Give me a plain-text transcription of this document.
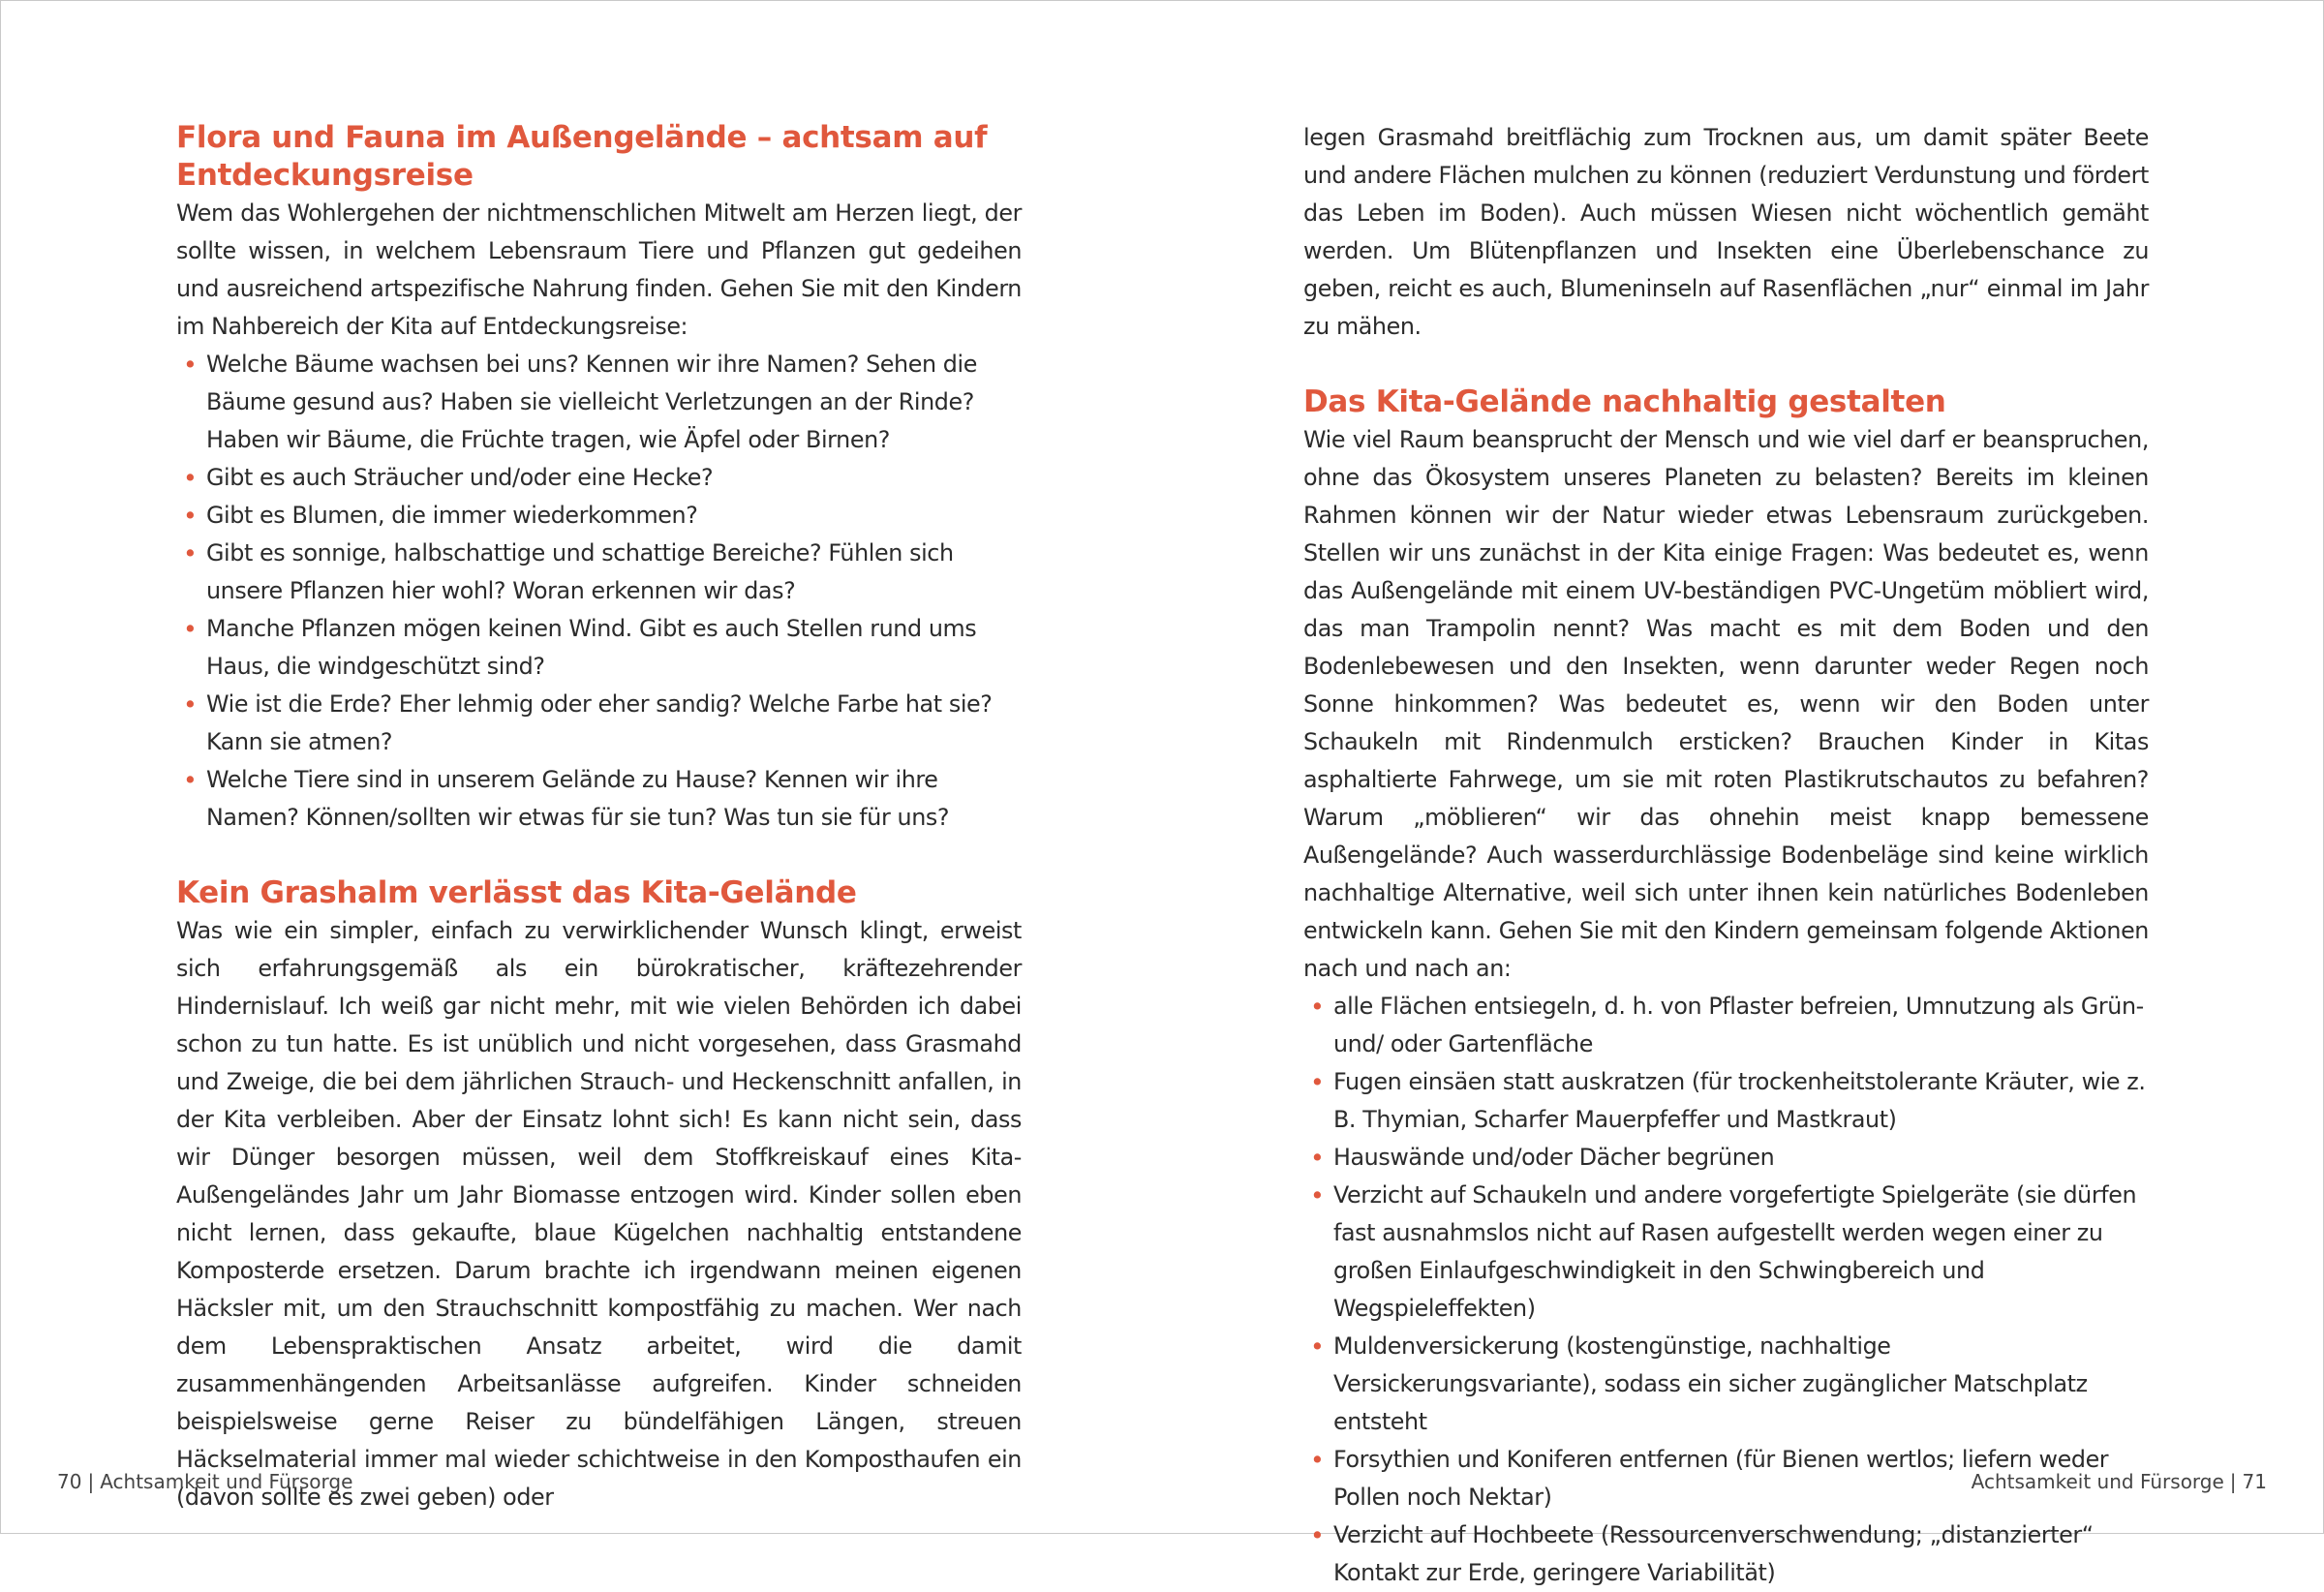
Flora und Fauna im Außengelände – achtsam auf Entdeckungsreise

Wem das Wohlergehen der nichtmenschlichen Mitwelt am Herzen liegt, der sollte wissen, in welchem Lebensraum Tiere und Pflanzen gut gedeihen und ausreichend artspezifische Nahrung finden. Gehen Sie mit den Kindern im Nahbereich der Kita auf Entdeckungsreise:

• Welche Bäume wachsen bei uns? Kennen wir ihre Namen? Sehen die Bäume gesund aus? Haben sie vielleicht Verletzungen an der Rinde? Haben wir Bäume, die Früchte tragen, wie Äpfel oder Birnen?
• Gibt es auch Sträucher und/oder eine Hecke?
• Gibt es Blumen, die immer wiederkommen?
• Gibt es sonnige, halbschattige und schattige Bereiche? Fühlen sich unsere Pflanzen hier wohl? Woran erkennen wir das?
• Manche Pflanzen mögen keinen Wind. Gibt es auch Stellen rund ums Haus, die windgeschützt sind?
• Wie ist die Erde? Eher lehmig oder eher sandig? Welche Farbe hat sie? Kann sie atmen?
• Welche Tiere sind in unserem Gelände zu Hause? Kennen wir ihre Namen? Können/sollten wir etwas für sie tun? Was tun sie für uns?
Kein Grashalm verlässt das Kita-Gelände

Was wie ein simpler, einfach zu verwirklichender Wunsch klingt, erweist sich erfahrungsgemäß als ein bürokratischer, kräftezehrender Hindernislauf. Ich weiß gar nicht mehr, mit wie vielen Behörden ich dabei schon zu tun hatte. Es ist unüblich und nicht vorgesehen, dass Grasmahd und Zweige, die bei dem jährlichen Strauch- und Heckenschnitt anfallen, in der Kita verbleiben. Aber der Einsatz lohnt sich! Es kann nicht sein, dass wir Dünger besorgen müssen, weil dem Stoffkreiskauf eines Kita-Außengeländes Jahr um Jahr Biomasse entzogen wird. Kinder sollen eben nicht lernen, dass gekaufte, blaue Kügelchen nachhaltig entstandene Komposterde ersetzen. Darum brachte ich irgendwann meinen eigenen Häcksler mit, um den Strauchschnitt kompostfähig zu machen. Wer nach dem Lebenspraktischen Ansatz arbeitet, wird die damit zusammenhängenden Arbeitsanlässe aufgreifen. Kinder schneiden beispielsweise gerne Reiser zu bündelfähigen Längen, streuen Häckselmaterial immer mal wieder schichtweise in den Komposthaufen ein (davon sollte es zwei geben) oder

70 | Achtsamkeit und Fürsorge

legen Grasmahd breitflächig zum Trocknen aus, um damit später Beete und andere Flächen mulchen zu können (reduziert Verdunstung und fördert das Leben im Boden). Auch müssen Wiesen nicht wöchentlich gemäht werden. Um Blütenpflanzen und Insekten eine Überlebenschance zu geben, reicht es auch, Blumeninseln auf Rasenflächen „nur“ einmal im Jahr zu mähen.

Das Kita-Gelände nachhaltig gestalten

Wie viel Raum beansprucht der Mensch und wie viel darf er beanspruchen, ohne das Ökosystem unseres Planeten zu belasten? Bereits im kleinen Rahmen können wir der Natur wieder etwas Lebensraum zurückgeben. Stellen wir uns zunächst in der Kita einige Fragen: Was bedeutet es, wenn das Außengelände mit einem UV-beständigen PVC-Ungetüm möbliert wird, das man Trampolin nennt? Was macht es mit dem Boden und den Bodenlebewesen und den Insekten, wenn darunter weder Regen noch Sonne hinkommen? Was bedeutet es, wenn wir den Boden unter Schaukeln mit Rindenmulch ersticken? Brauchen Kinder in Kitas asphaltierte Fahrwege, um sie mit roten Plastikrutschautos zu befahren? Warum „möblieren“ wir das ohnehin meist knapp bemessene Außengelände? Auch wasserdurchlässige Bodenbeläge sind keine wirklich nachhaltige Alternative, weil sich unter ihnen kein natürliches Bodenleben entwickeln kann. Gehen Sie mit den Kindern gemeinsam folgende Aktionen nach und nach an:

• alle Flächen entsiegeln, d. h. von Pflaster befreien, Umnutzung als Grün- und/ oder Gartenfläche
• Fugen einsäen statt auskratzen (für trockenheitstolerante Kräuter, wie z. B. Thymian, Scharfer Mauerpfeffer und Mastkraut)
• Hauswände und/oder Dächer begrünen
• Verzicht auf Schaukeln und andere vorgefertigte Spielgeräte (sie dürfen fast ausnahmslos nicht auf Rasen aufgestellt werden wegen einer zu großen Einlaufgeschwindigkeit in den Schwingbereich und Wegspieleffekten)
• Muldenversickerung (kostengünstige, nachhaltige Versickerungsvariante), sodass ein sicher zugänglicher Matschplatz entsteht
• Forsythien und Koniferen entfernen (für Bienen wertlos; liefern weder Pollen noch Nektar)
• Verzicht auf Hochbeete (Ressourcenverschwendung; „distanzierter“ Kontakt zur Erde, geringere Variabilität)
Achtsamkeit und Fürsorge | 71
